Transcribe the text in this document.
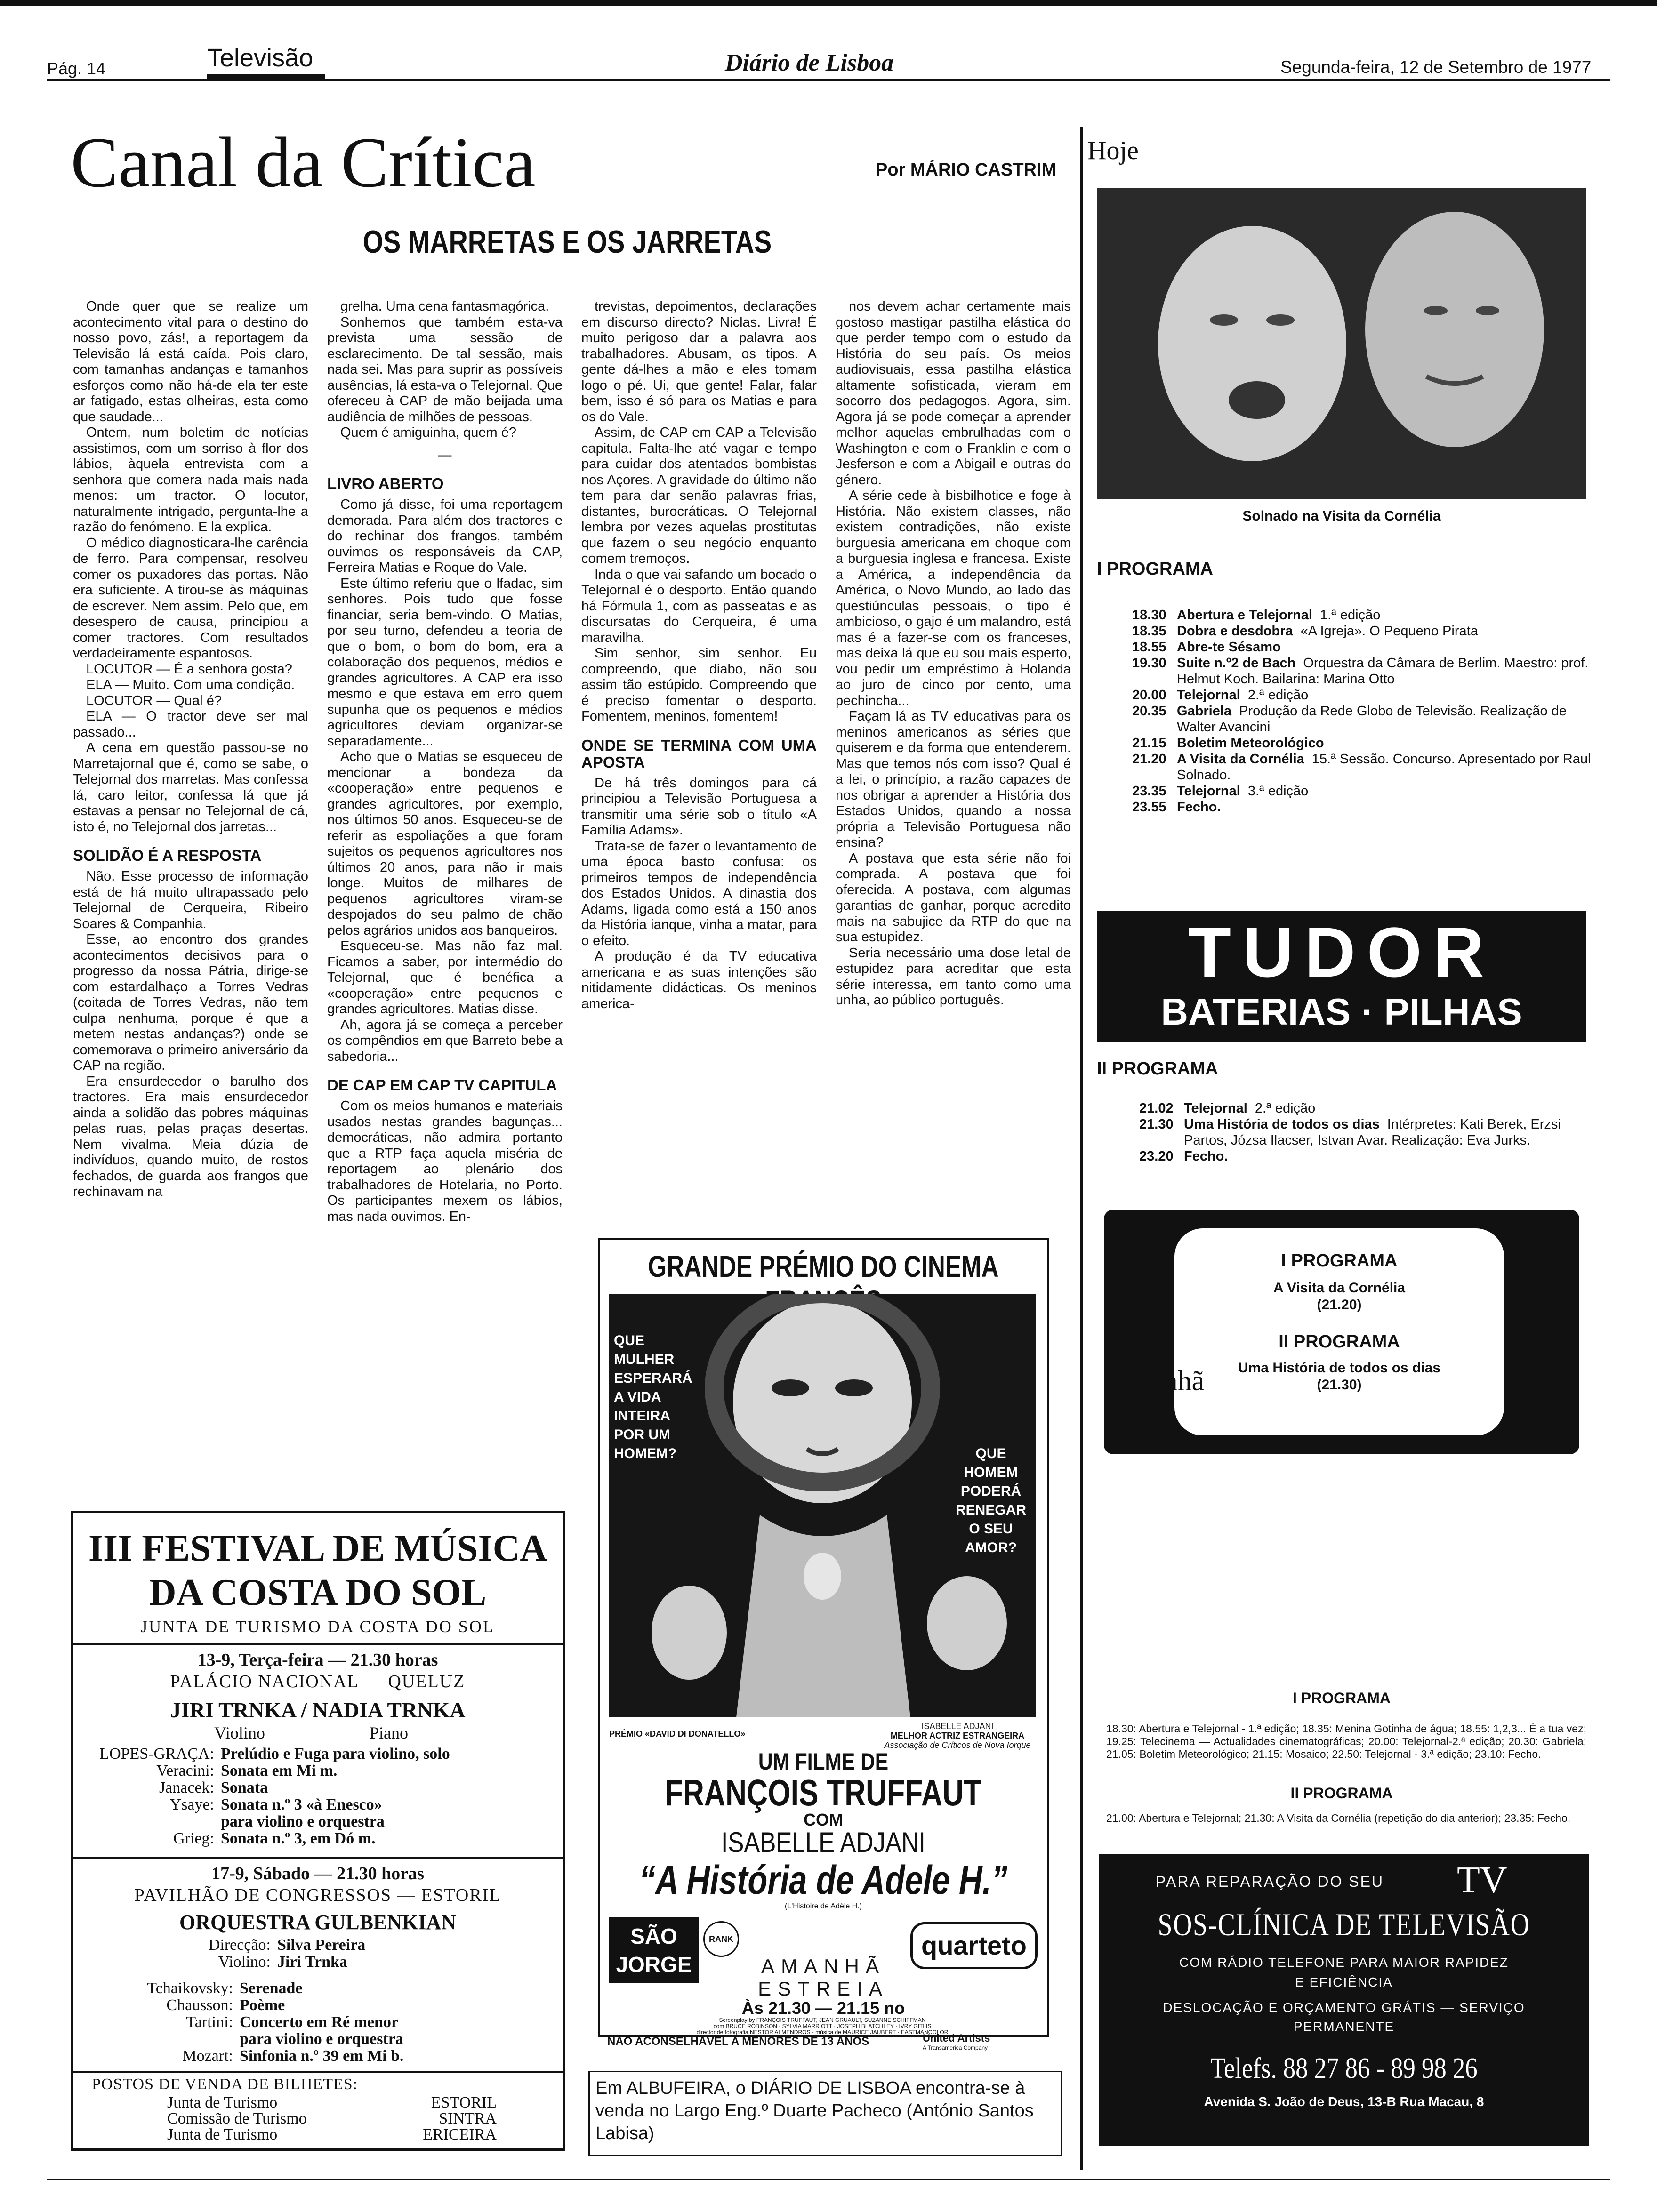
Pág. 14	Televisão	Diário de Lisboa	Segunda-feira, 12 de Setembro de 1977
Canal da Crítica	Por MÁRIO CASTRIM
OS MARRETAS E OS JARRETAS

Onde quer que se realize um acontecimento vital para o destino do nosso povo, zás!, a reportagem da Televisão lá está caída. Pois claro, com tamanhas andanças e tamanhos esforços como não há-de ela ter este ar fatigado, estas olheiras, esta como que saudade...

Ontem, num boletim de notícias assistimos, com um sorriso à flor dos lábios, àquela entrevista com a senhora que comera nada mais nada menos: um tractor. O locutor, naturalmente intrigado, pergunta-lhe a razão do fenómeno. E la explica.

O médico diagnosticara-lhe carência de ferro. Para compensar, resolveu comer os puxadores das portas. Não era suficiente. A tirou-se às máquinas de escrever. Nem assim. Pelo que, em desespero de causa, principiou a comer tractores. Com resultados verdadeiramente espantosos.

LOCUTOR — É a senhora gosta?

ELA — Muito. Com uma condição.

LOCUTOR — Qual é?

ELA — O tractor deve ser mal passado...

A cena em questão passou-se no Marretajornal que é, como se sabe, o Telejornal dos marretas. Mas confessa lá, caro leitor, confessa lá que já estavas a pensar no Telejornal de cá, isto é, no Telejornal dos jarretas...

SOLIDÃO É A RESPOSTA

Não. Esse processo de informação está de há muito ultrapassado pelo Telejornal de Cerqueira, Ribeiro Soares & Companhia.

Esse, ao encontro dos grandes acontecimentos decisivos para o progresso da nossa Pátria, dirige-se com estardalhaço a Torres Vedras (coitada de Torres Vedras, não tem culpa nenhuma, porque é que a metem nestas andanças?) onde se comemorava o primeiro aniversário da CAP na região.

Era ensurdecedor o barulho dos tractores. Era mais ensurdecedor ainda a solidão das pobres máquinas pelas ruas, pelas praças desertas. Nem vivalma. Meia dúzia de indivíduos, quando muito, de rostos fechados, de guarda aos frangos que rechinavam na

grelha. Uma cena fantasmagórica.

Sonhemos que também esta-va prevista uma sessão de esclarecimento. De tal sessão, mais nada sei. Mas para suprir as possíveis ausências, lá esta-va o Telejornal. Que ofereceu à CAP de mão beijada uma audiência de milhões de pessoas.

Quem é amiguinha, quem é?

—
LIVRO ABERTO

Como já disse, foi uma reportagem demorada. Para além dos tractores e do rechinar dos frangos, também ouvimos os responsáveis da CAP, Ferreira Matias e Roque do Vale.

Este último referiu que o lfadac, sim senhores. Pois tudo que fosse financiar, seria bem-vindo. O Matias, por seu turno, defendeu a teoria de que o bom, o bom do bom, era a colaboração dos pequenos, médios e grandes agricultores. A CAP era isso mesmo e que estava em erro quem supunha que os pequenos e médios agricultores deviam organizar-se separadamente...

Acho que o Matias se esqueceu de mencionar a bondeza da «cooperação» entre pequenos e grandes agricultores, por exemplo, nos últimos 50 anos. Esqueceu-se de referir as espoliações a que foram sujeitos os pequenos agricultores nos últimos 20 anos, para não ir mais longe. Muitos de milhares de pequenos agricultores viram-se despojados do seu palmo de chão pelos agrários unidos aos banqueiros.

Esqueceu-se. Mas não faz mal. Ficamos a saber, por intermédio do Telejornal, que é benéfica a «cooperação» entre pequenos e grandes agricultores. Matias disse.

Ah, agora já se começa a perceber os compêndios em que Barreto bebe a sabedoria...

DE CAP EM CAP TV CAPITULA

Com os meios humanos e materiais usados nestas grandes bagunças... democráticas, não admira portanto que a RTP faça aquela miséria de reportagem ao plenário dos trabalhadores de Hotelaria, no Porto. Os participantes mexem os lábios, mas nada ouvimos. En-

trevistas, depoimentos, declarações em discurso directo? Niclas. Livra! É muito perigoso dar a palavra aos trabalhadores. Abusam, os tipos. A gente dá-lhes a mão e eles tomam logo o pé. Ui, que gente! Falar, falar bem, isso é só para os Matias e para os do Vale.

Assim, de CAP em CAP a Televisão capitula. Falta-lhe até vagar e tempo para cuidar dos atentados bombistas nos Açores. A gravidade do último não tem para dar senão palavras frias, distantes, burocráticas. O Telejornal lembra por vezes aquelas prostitutas que fazem o seu negócio enquanto comem tremoços.

Inda o que vai safando um bocado o Telejornal é o desporto. Então quando há Fórmula 1, com as passeatas e as discursatas do Cerqueira, é uma maravilha.

Sim senhor, sim senhor. Eu compreendo, que diabo, não sou assim tão estúpido. Compreendo que é preciso fomentar o desporto. Fomentem, meninos, fomentem!

ONDE SE TERMINA COM UMA APOSTA

De há três domingos para cá principiou a Televisão Portuguesa a transmitir uma série sob o título «A Família Adams».

Trata-se de fazer o levantamento de uma época basto confusa: os primeiros tempos de independência dos Estados Unidos. A dinastia dos Adams, ligada como está a 150 anos da História ianque, vinha a matar, para o efeito.

A produção é da TV educativa americana e as suas intenções são nitidamente didácticas. Os meninos america-

nos devem achar certamente mais gostoso mastigar pastilha elástica do que perder tempo com o estudo da História do seu país. Os meios audiovisuais, essa pastilha elástica altamente sofisticada, vieram em socorro dos pedagogos. Agora, sim. Agora já se pode começar a aprender melhor aquelas embrulhadas com o Washington e com o Franklin e com o Jesferson e com a Abigail e outras do género.

A série cede à bisbilhotice e foge à História. Não existem classes, não existem contradições, não existe burguesia americana em choque com a burguesia inglesa e francesa. Existe a América, a independência da América, o Novo Mundo, ao lado das questiúnculas pessoais, o tipo é ambicioso, o gajo é um malandro, está mas é a fazer-se com os franceses, mas deixa lá que eu sou mais esperto, vou pedir um empréstimo à Holanda ao juro de cinco por cento, uma pechincha...

Façam lá as TV educativas para os meninos americanos as séries que quiserem e da forma que entenderem. Mas que temos nós com isso? Qual é a lei, o princípio, a razão capazes de nos obrigar a aprender a História dos Estados Unidos, quando a nossa própria a Televisão Portuguesa não ensina?

A postava que esta série não foi comprada. A postava que foi oferecida. A postava, com algumas garantias de ganhar, porque acredito mais na sabujice da RTP do que na sua estupidez.

Seria necessário uma dose letal de estupidez para acreditar que esta série interessa, em tanto como uma unha, ao público português.

III FESTIVAL DE MÚSICA
DA COSTA DO SOL
JUNTA DE TURISMO DA COSTA DO SOL
13-9, Terça-feira — 21.30 horas
PALÁCIO NACIONAL — QUELUZ
JIRI TRNKA / NADIA TRNKA
Violino	Piano
LOPES-GRAÇA: Prelúdio e Fuga para violino, solo
Veracini: Sonata em Mi m.
Janacek: Sonata
Ysaye: Sonata n.º 3 «à Enesco»
para violino e orquestra
Grieg: Sonata n.º 3, em Dó m.
17-9, Sábado — 21.30 horas
PAVILHÃO DE CONGRESSOS — ESTORIL
ORQUESTRA GULBENKIAN
Direcção: Silva Pereira
Violino: Jiri Trnka
Tchaikovsky: Serenade
Chausson: Poème
Tartini: Concerto em Ré menor
para violino e orquestra
Mozart: Sinfonia n.º 39 em Mi b.
POSTOS DE VENDA DE BILHETES:
Junta de Turismo	ESTORIL
Comissão de Turismo	SINTRA
Junta de Turismo	ERICEIRA
GRANDE PRÉMIO DO CINEMA
QUE
MULHER
ESPERARÁ
A VIDA
INTEIRA
POR UM
HOMEM?	QUE
HOMEM
PODERÁ
RENEGAR
O SEU
AMOR?
PRÉMIO «DAVID DI DONATELLO»
ISABELLE ADJANI
MELHOR ACTRIZ ESTRANGEIRA
Associação de Críticos de Nova Iorque
UM FILME DE
FRANÇOIS TRUFFAUT
COM
ISABELLE ADJANI
“A História de Adele H.”
(L'Histoire de Adèle H.)
SÃO JORGE
RANK	quarteto
AMANHÃ
ESTREIA
Às 21.30 — 21.15 no
Screenplay by FRANÇOIS TRUFFAUT, JEAN GRUAULT, SUZANNE SCHIFFMAN
com BRUCE ROBINSON · SYLVIA MARRIOTT · JOSEPH BLATCHLEY · IVRY GITLIS
director de fotografia NESTOR ALMENDROS · música de MAURICE JAUBERT · EASTMANCOLOR
NÃO ACONSELHÁVEL A MENORES DE 13 ANOS	United Artists
A Transamerica Company
Em ALBUFEIRA, o DIÁRIO DE LISBOA encontra-se à venda no Largo Eng.º Duarte Pacheco (António Santos Labisa)
Hoje
Solnado na Visita da Cornélia
I PROGRAMA
18.30 Abertura e Telejornal 1.ª edição
18.35 Dobra e desdobra «A Igreja». O Pequeno Pirata
18.55 Abre-te Sésamo
19.30 Suite n.º2 de Bach Orquestra da Câmara de Berlim. Maestro: prof. Helmut Koch. Bailarina: Marina Otto
20.00 Telejornal 2.ª edição
20.35 Gabriela Produção da Rede Globo de Televisão. Realização de Walter Avancini
21.15 Boletim Meteorológico
21.20 A Visita da Cornélia 15.ª Sessão. Concurso. Apresentado por Raul Solnado.
23.35 Telejornal 3.ª edição
23.55 Fecho.
TUDOR
BATERIAS · PILHAS
II PROGRAMA
21.02 Telejornal 2.ª edição
21.30 Uma História de todos os dias Intérpretes: Kati Berek, Erzsi Partos, Józsa Ilacser, Istvan Avar. Realização: Eva Jurks.
23.20 Fecho.
I PROGRAMA
A Visita da Cornélia
(21.20)
II PROGRAMA
Uma História de todos os dias
(21.30)
Amanhã
I PROGRAMA
18.30: Abertura e Telejornal - 1.ª edição; 18.35: Menina Gotinha de água; 18.55: 1,2,3... É a tua vez; 19.25: Telecinema — Actualidades cinematográficas; 20.00: Telejornal-2.ª edição; 20.30: Gabriela; 21.05: Boletim Meteorológico; 21.15: Mosaico; 22.50: Telejornal - 3.ª edição; 23.10: Fecho.
II PROGRAMA
21.00: Abertura e Telejornal; 21.30: A Visita da Cornélia (repetição do dia anterior); 23.35: Fecho.
PARA REPARAÇÃO DO SEU TV
SOS-CLÍNICA DE TELEVISÃO
COM RÁDIO TELEFONE PARA MAIOR RAPIDEZ
E EFICIÊNCIA
DESLOCAÇÃO E ORÇAMENTO GRÁTIS — SERVIÇO
PERMANENTE
Telefs. 88 27 86 - 89 98 26
Avenida S. João de Deus, 13-B Rua Macau, 8
